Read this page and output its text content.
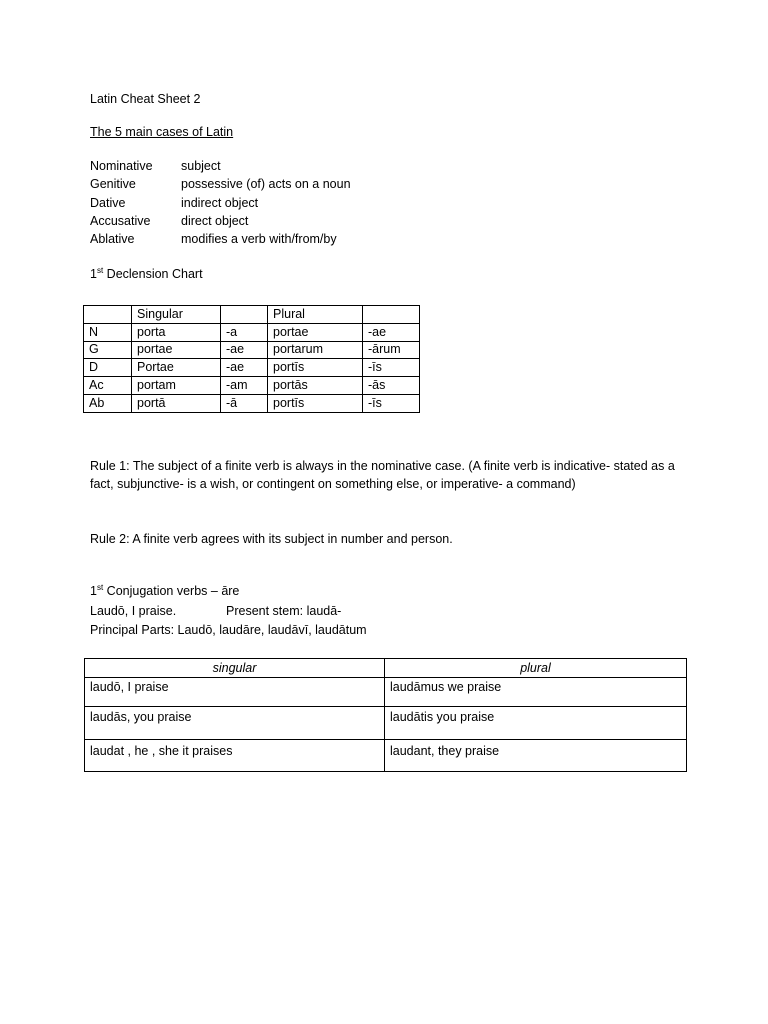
Latin Cheat Sheet 2
The 5 main cases of Latin
Nominative	subject
Genitive	possessive (of) acts on a noun
Dative	indirect object
Accusative	direct object
Ablative	modifies a verb with/from/by
1st Declension Chart
	Singular		Plural	
N	porta	-a	portae	-ae
G	portae	-ae	portarum	-ārum
D	Portae	-ae	portīs	-īs
Ac	portam	-am	portās	-ās
Ab	portā	-ā	portīs	-īs
Rule 1: The subject of a finite verb is always in the nominative case. (A finite verb is indicative- stated as a fact, subjunctive- is a wish, or contingent on something else, or imperative- a command)
Rule 2: A finite verb agrees with its subject in number and person.
1st Conjugation verbs – āre
Laudō, I praise.	Present stem: laudā-
Principal Parts: Laudō, laudāre, laudāvī, laudātum
singular	plural
laudō, I praise	laudāmus we praise
laudās, you praise	laudātis you praise
laudat , he , she it praises	laudant, they praise
